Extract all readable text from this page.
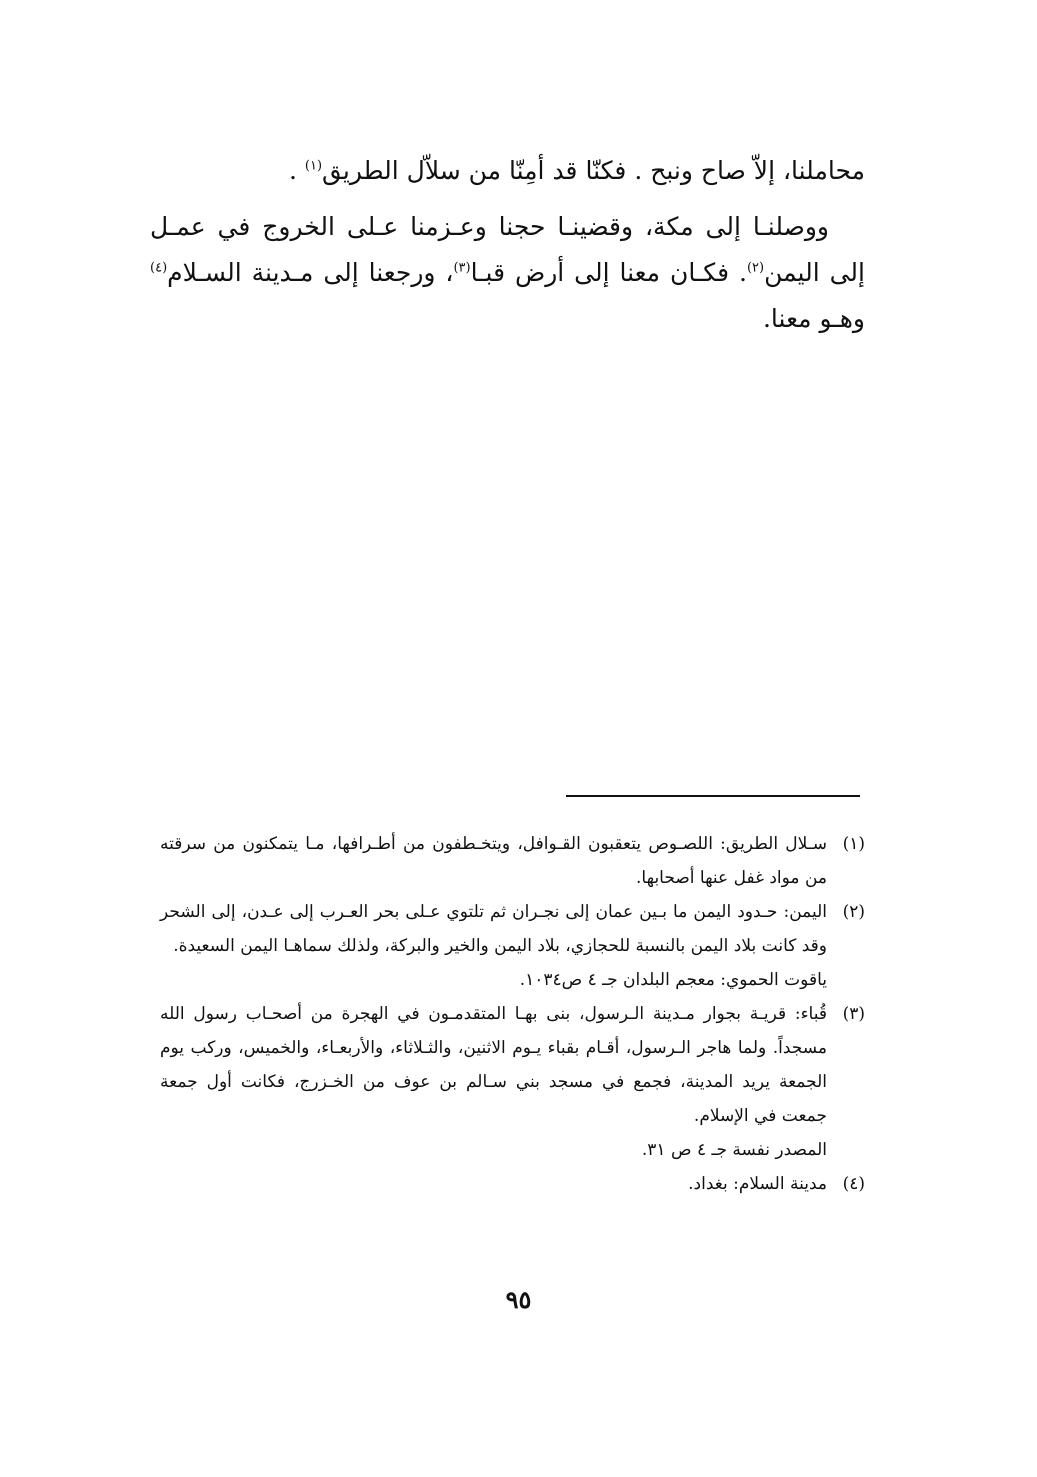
محاملنا، إلاّ صاح ونبح . فكنّا قد أمِنّا من سلاّل الطريق$^{(١)}$ .

ووصلنـا إلى مكة، وقضينـا حجنا وعـزمنا عـلى الخروج في عمـل إلى اليمن$^{(٢)}$. فكـان معنا إلى أرض قبـا$^{(٣)}$، ورجعنا إلى مـدينة السـلام$^{(٤)}$ وهـو معنا.

(١)

سـلال الطريق: اللصـوص يتعقبون القـوافل، ويتخـطفون من أطـرافها، مـا يتمكنون من سرقته من مواد غفل عنها أصحابها.

(٢)

اليمن: حـدود اليمن ما بـين عمان إلى نجـران ثم تلتوي عـلى بحر العـرب إلى عـدن، إلى الشحر وقد كانت بلاد اليمن بالنسبة للحجازي، بلاد اليمن والخير والبركة، ولذلك سماهـا اليمن السعيدة.

ياقوت الحموي: معجم البلدان جـ ٤ ص١٠٣٤.

(٣)

قُباء: قريـة بجوار مـدينة الـرسول، بنى بهـا المتقدمـون في الهجرة من أصحـاب رسول الله مسجداً. ولما هاجر الـرسول، أقـام بقباء يـوم الاثنين، والثـلاثاء، والأربعـاء، والخميس، وركب يوم الجمعة يريد المدينة، فجمع في مسجد بني سـالم بن عوف من الخـزرج، فكانت أول جمعة جمعت في الإسلام.

المصدر نفسة جـ ٤ ص ٣١.

(٤)

مدينة السلام: بغداد.

٩٥
